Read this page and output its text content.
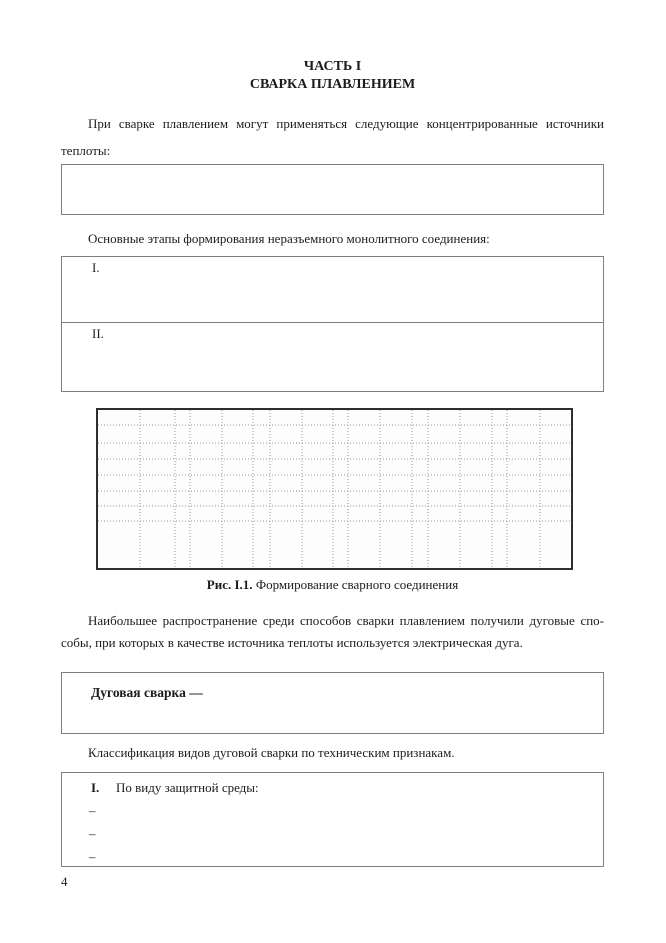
ЧАСТЬ I
СВАРКА ПЛАВЛЕНИЕМ
При сварке плавлением могут применяться следующие концентрированные источники
теплоты:
Основные этапы формирования неразъемного монолитного соединения:
I.
II.
Рис. I.1. Формирование сварного соединения
Наибольшее распространение среди способов сварки плавлением получили дуговые спо-
собы, при которых в качестве источника теплоты используется электрическая дуга.
Дуговая сварка —
Классификация видов дуговой сварки по техническим признакам.
I. По виду защитной среды:
–
–
–
4
